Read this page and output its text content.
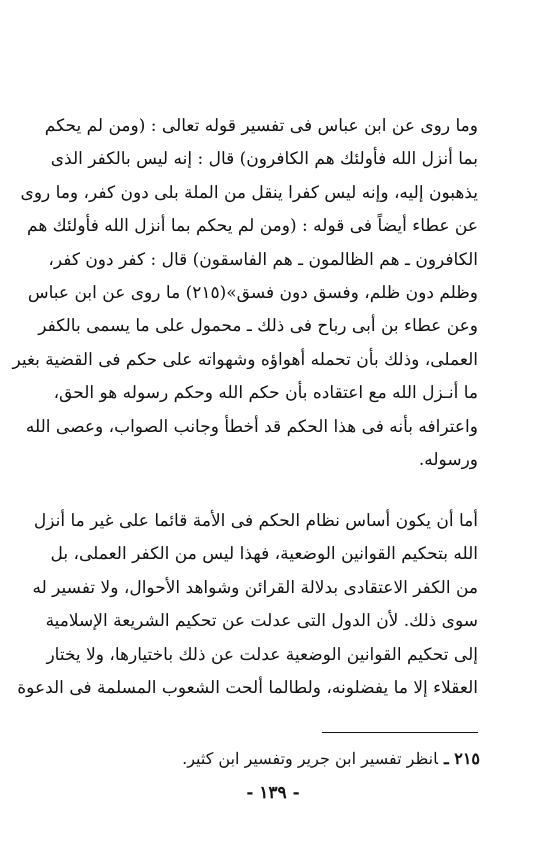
وما روى عن ابن عباس فى تفسير قوله تعالى : (ومن لم يحكم
بما أنزل الله فأولئك هم الكافرون) قال : إنه ليس بالكفر الذى
يذهبون إليه، وإنه ليس كفرا ينقل من الملة بلى دون كفر، وما روى
عن عطاء أيضاً فى قوله : (ومن لم يحكم بما أنزل الله فأولئك هم
الكافرون ـ هم الظالمون ـ هم الفاسقون) قال : كفر دون كفر،
وظلم دون ظلم، وفسق دون فسق»(٢١٥) ما روى عن ابن عباس
وعن عطاء بن أبى رباح فى ذلك ـ محمول على ما يسمى بالكفر
العملى، وذلك بأن تحمله أهواؤه وشهواته على حكم فى القضية بغير
ما أنـزل الله مع اعتقاده بأن حكم الله وحكم رسوله هو الحق،
واعترافه بأنه فى هذا الحكم قد أخطأ وجانب الصواب، وعصى الله
ورسوله.
أما أن يكون أساس نظام الحكم فى الأمة قائما على غير ما أنزل
الله بتحكيم القوانين الوضعية، فهذا ليس من الكفر العملى، بل
من الكفر الاعتقادى بدلالة القرائن وشواهد الأحوال، ولا تفسير له
سوى ذلك. لأن الدول التى عدلت عن تحكيم الشريعة الإسلامية
إلى تحكيم القوانين الوضعية عدلت عن ذلك باختيارها، ولا يختار
العقلاء إلا ما يفضلونه، ولطالما ألحت الشعوب المسلمة فى الدعوة

٢١٥ ـانظر تفسير ابن جرير وتفسير ابن كثير.

- ١٣٩ -
